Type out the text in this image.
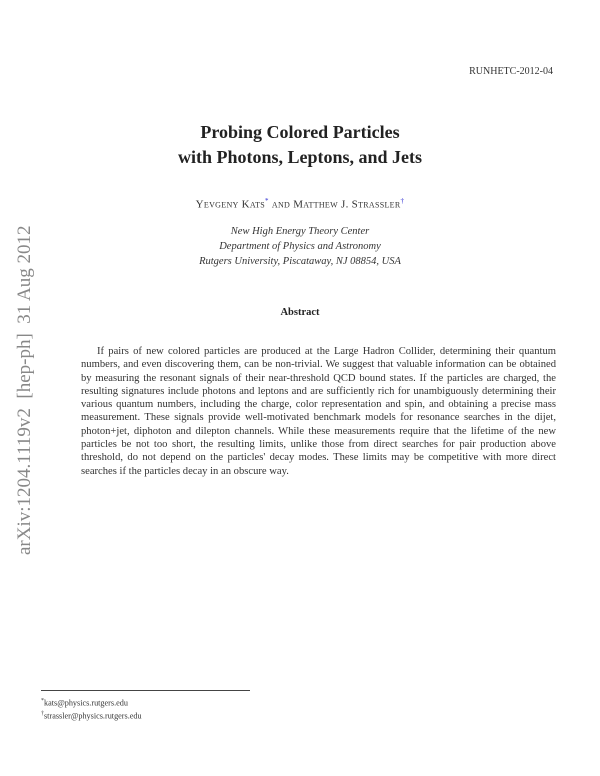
RUNHETC-2012-04
Probing Colored Particles
with Photons, Leptons, and Jets
Yevgeny Kats* and Matthew J. Strassler†
New High Energy Theory Center
Department of Physics and Astronomy
Rutgers University, Piscataway, NJ 08854, USA
Abstract
If pairs of new colored particles are produced at the Large Hadron Collider, determining their quantum numbers, and even discovering them, can be non-trivial. We suggest that valuable information can be obtained by measuring the resonant signals of their near-threshold QCD bound states. If the particles are charged, the resulting signatures include photons and leptons and are sufficiently rich for unambiguously determining their various quantum numbers, including the charge, color representation and spin, and obtaining a precise mass measurement. These signals provide well-motivated benchmark models for resonance searches in the dijet, photon+jet, diphoton and dilepton channels. While these measurements require that the lifetime of the new particles be not too short, the resulting limits, unlike those from direct searches for pair production above threshold, do not depend on the particles' decay modes. These limits may be competitive with more direct searches if the particles decay in an obscure way.
arXiv:1204.1119v2  [hep-ph]  31 Aug 2012
*kats@physics.rutgers.edu
†strassler@physics.rutgers.edu
